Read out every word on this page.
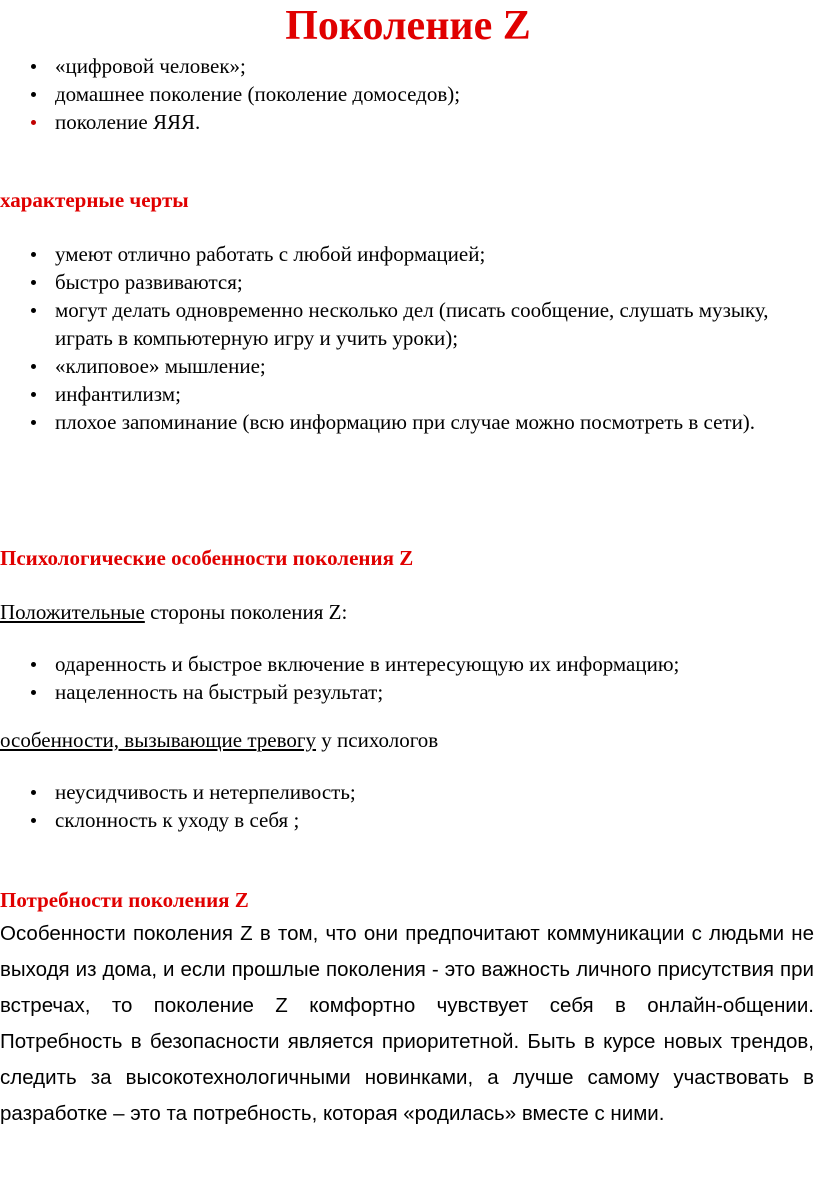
Поколение Z
«цифровой человек»;
домашнее поколение (поколение домоседов);
поколение ЯЯЯ.
характерные черты
умеют отлично работать с любой информацией;
быстро развиваются;
могут делать одновременно несколько дел (писать сообщение, слушать музыку, играть в компьютерную игру и учить уроки);
«клиповое» мышление;
инфантилизм;
плохое запоминание (всю информацию при случае можно посмотреть в сети).
Психологические особенности поколения Z

Положительные стороны поколения Z:

одаренность и быстрое включение в интересующую их информацию;
нацеленность на быстрый результат;

особенности, вызывающие тревогу у психологов

неусидчивость и нетерпеливость;
склонность к уходу в себя ;
Потребности поколения Z

Особенности поколения Z в том, что они предпочитают коммуникации с людьми не выходя из дома, и если прошлые поколения - это важность личного присутствия при встречах, то поколение Z комфортно чувствует себя в онлайн-общении. Потребность в безопасности является приоритетной. Быть в курсе новых трендов, следить за высокотехнологичными новинками, а лучше самому участвовать в разработке – это та потребность, которая «родилась» вместе с ними.
